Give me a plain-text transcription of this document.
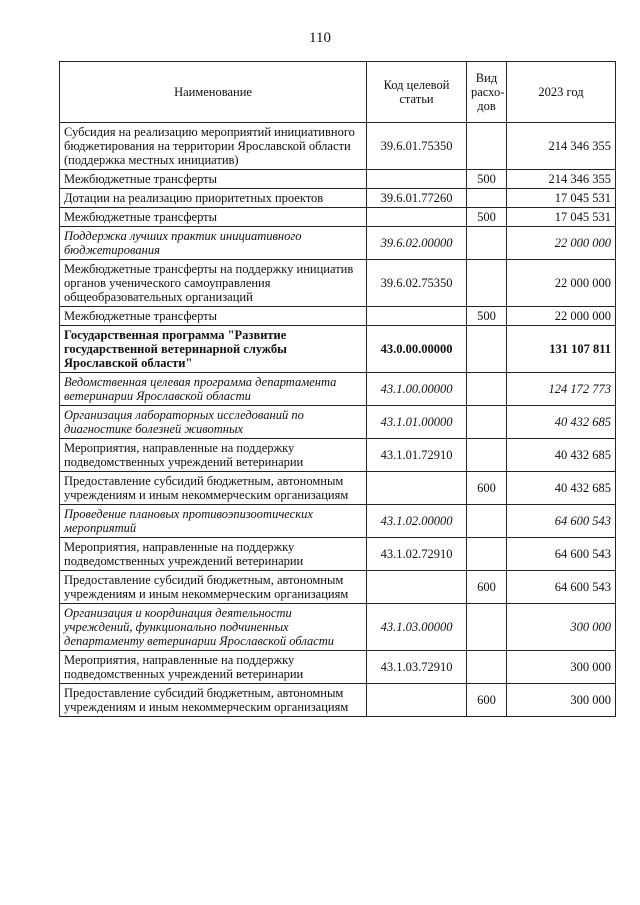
110
Наименование	Код целевой статьи	Вид расхо-дов	2023 год
Субсидия на реализацию мероприятий инициативного бюджетирования на территории Ярославской области (поддержка местных инициатив)	39.6.01.75350		214 346 355
Межбюджетные трансферты		500	214 346 355
Дотации на реализацию приоритетных проектов	39.6.01.77260		17 045 531
Межбюджетные трансферты		500	17 045 531
Поддержка лучших практик инициативного бюджетирования	39.6.02.00000		22 000 000
Межбюджетные трансферты на поддержку инициатив органов ученического самоуправления общеобразовательных организаций	39.6.02.75350		22 000 000
Межбюджетные трансферты		500	22 000 000
Государственная программа "Развитие государственной ветеринарной службы Ярославской области"	43.0.00.00000		131 107 811
Ведомственная целевая программа департамента ветеринарии Ярославской области	43.1.00.00000		124 172 773
Организация лабораторных исследований по диагностике болезней животных	43.1.01.00000		40 432 685
Мероприятия, направленные на поддержку подведомственных учреждений ветеринарии	43.1.01.72910		40 432 685
Предоставление субсидий бюджетным, автономным учреждениям и иным некоммерческим организациям		600	40 432 685
Проведение плановых противоэпизоотических мероприятий	43.1.02.00000		64 600 543
Мероприятия, направленные на поддержку подведомственных учреждений ветеринарии	43.1.02.72910		64 600 543
Предоставление субсидий бюджетным, автономным учреждениям и иным некоммерческим организациям		600	64 600 543
Организация и координация деятельности учреждений, функционально подчиненных департаменту ветеринарии Ярославской области	43.1.03.00000		300 000
Мероприятия, направленные на поддержку подведомственных учреждений ветеринарии	43.1.03.72910		300 000
Предоставление субсидий бюджетным, автономным учреждениям и иным некоммерческим организациям		600	300 000
